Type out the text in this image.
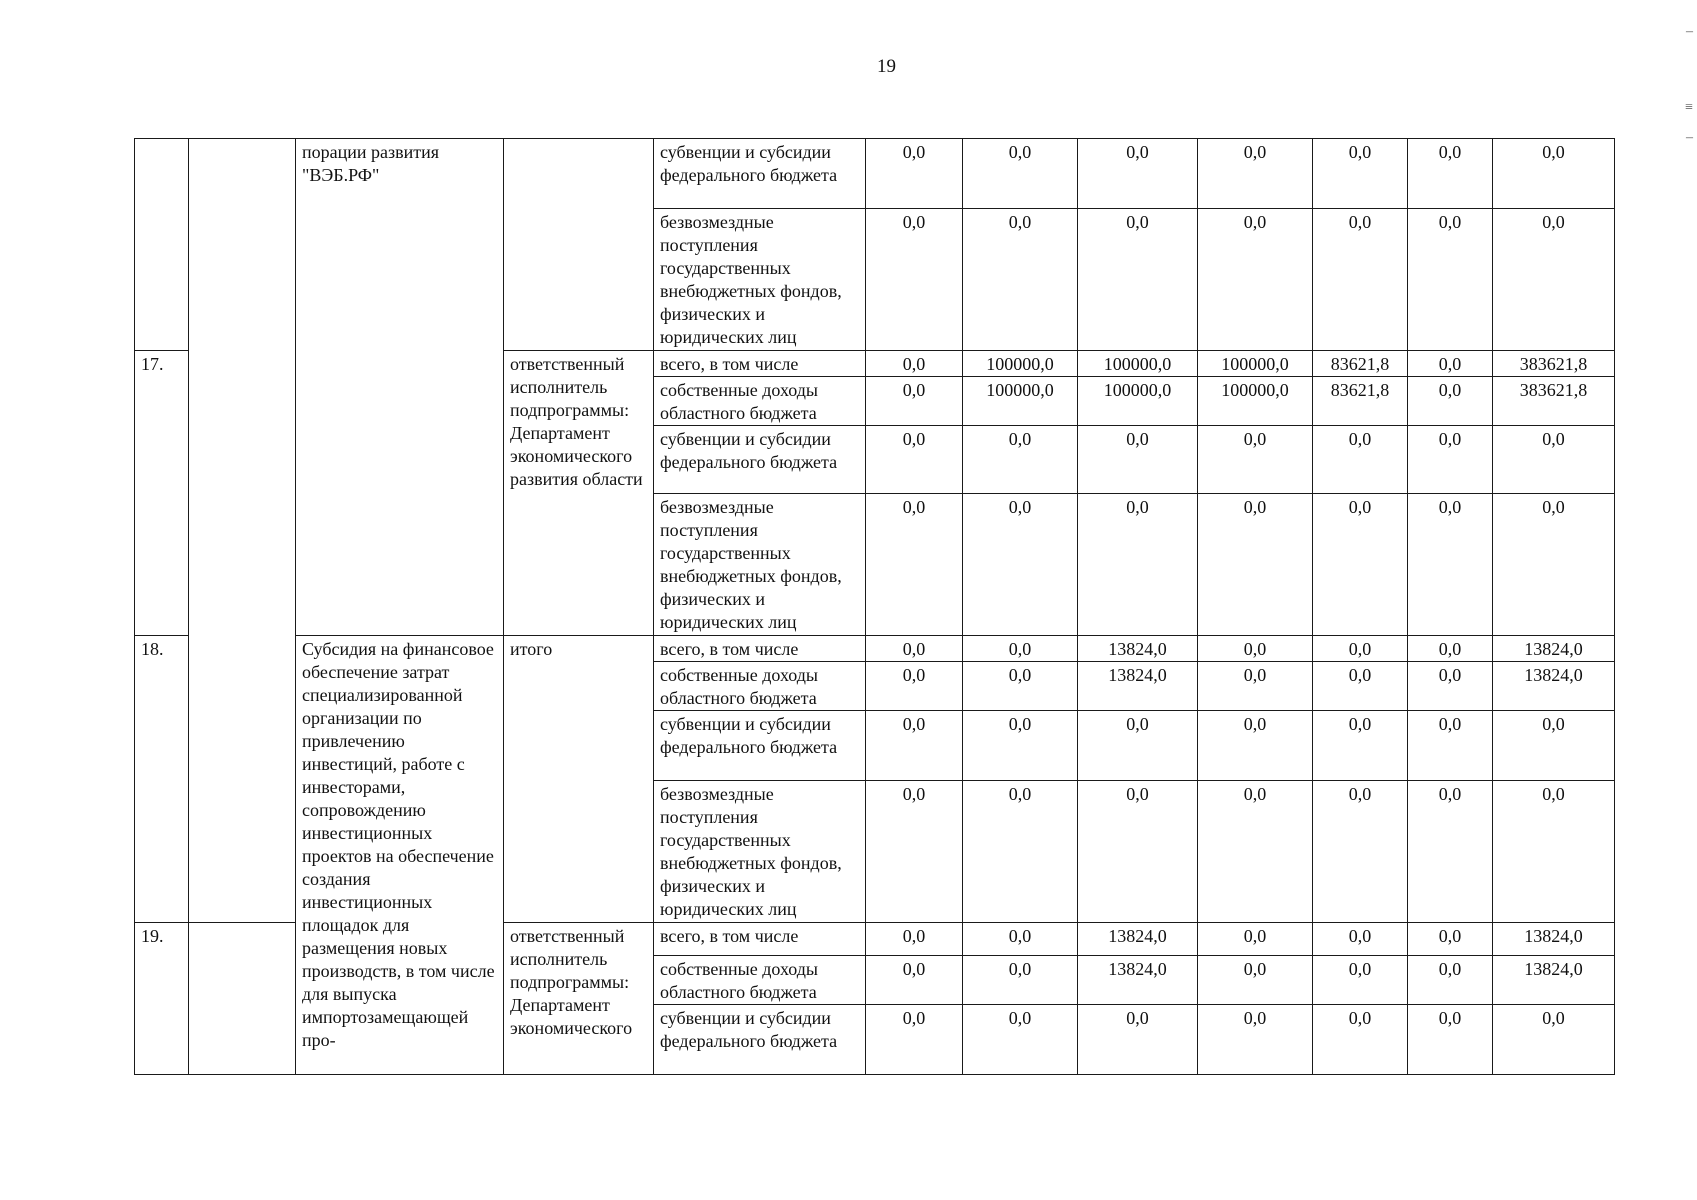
19
–
≡
–
		порации развития "ВЭБ.РФ"		субвенции и субсидии федерального бюджета	0,0	0,0	0,0	0,0	0,0	0,0	0,0
				безвозмездные поступления государственных внебюджетных фондов, физических и юридических лиц	0,0	0,0	0,0	0,0	0,0	0,0	0,0
17.			ответственный исполнитель подпрограммы: Департамент экономического развития области	всего, в том числе	0,0	100000,0	100000,0	100000,0	83621,8	0,0	383621,8
				собственные доходы областного бюджета	0,0	100000,0	100000,0	100000,0	83621,8	0,0	383621,8
				субвенции и субсидии федерального бюджета	0,0	0,0	0,0	0,0	0,0	0,0	0,0
				безвозмездные поступления государственных внебюджетных фондов, физических и юридических лиц	0,0	0,0	0,0	0,0	0,0	0,0	0,0
18.		Субсидия на финансовое обеспечение затрат специализированной организации по привлечению инвестиций, работе с инвесторами, сопровождению инвестиционных проектов на обеспечение создания инвестиционных площадок для размещения новых производств, в том числе для выпуска импортозамещающей про-	итого	всего, в том числе	0,0	0,0	13824,0	0,0	0,0	0,0	13824,0
				собственные доходы областного бюджета	0,0	0,0	13824,0	0,0	0,0	0,0	13824,0
				субвенции и субсидии федерального бюджета	0,0	0,0	0,0	0,0	0,0	0,0	0,0
				безвозмездные поступления государственных внебюджетных фондов, физических и юридических лиц	0,0	0,0	0,0	0,0	0,0	0,0	0,0
19.			ответственный исполнитель подпрограммы: Департамент экономического	всего, в том числе	0,0	0,0	13824,0	0,0	0,0	0,0	13824,0
				собственные доходы областного бюджета	0,0	0,0	13824,0	0,0	0,0	0,0	13824,0
				субвенции и субсидии федерального бюджета	0,0	0,0	0,0	0,0	0,0	0,0	0,0
